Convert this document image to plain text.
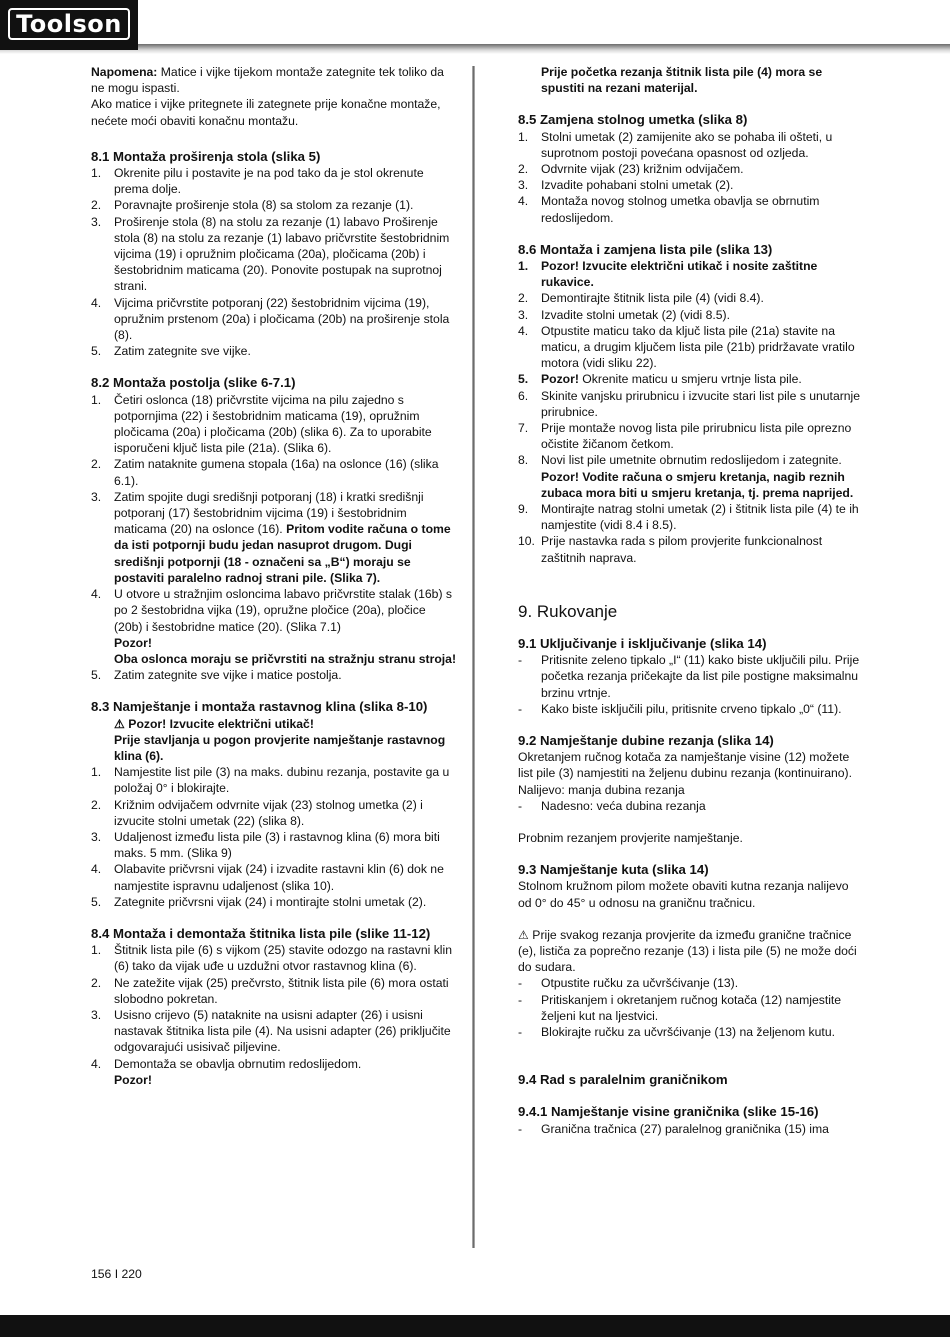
Toolson

Napomena: Matice i vijke tijekom montaže zategnite tek toliko da ne mogu ispasti.

Ako matice i vijke pritegnete ili zategnete prije konačne montaže, nećete moći obaviti konačnu montažu.

8.1 Montaža proširenja stola (slika 5)
1. Okrenite pilu i postavite je na pod tako da je stol okrenute prema dolje.
2. Poravnajte proširenje stola (8) sa stolom za rezanje (1).
3. Proširenje stola (8) na stolu za rezanje (1) labavo Proširenje stola (8) na stolu za rezanje (1) labavo pričvrstite šestobridnim vijcima (19) i opružnim pločicama (20a), pločicama (20b) i šestobridnim maticama (20). Ponovite postupak na suprotnoj strani.
4. Vijcima pričvrstite potporanj (22) šestobridnim vijcima (19), opružnim prstenom (20a) i pločicama (20b) na proširenje stola (8).
5. Zatim zategnite sve vijke.
8.2 Montaža postolja (slike 6-7.1)
1. Četiri oslonca (18) pričvrstite vijcima na pilu zajedno s potpornjima (22) i šestobridnim maticama (19), opružnim pločicama (20a) i pločicama (20b) (slika 6). Za to uporabite isporučeni ključ lista pile (21a). (Slika 6).
2. Zatim nataknite gumena stopala (16a) na oslonce (16) (slika 6.1).
3. Zatim spojite dugi središnji potporanj (18) i kratki središnji potporanj (17) šestobridnim vijcima (19) i šestobridnim maticama (20) na oslonce (16). Pritom vodite računa o tome da isti potpornji budu jedan nasuprot drugom. Dugi središnji potpornji (18 - označeni sa „B“) moraju se postaviti paralelno radnoj strani pile. (Slika 7).
4. U otvore u stražnjim osloncima labavo pričvrstite stalak (16b) s po 2 šestobridna vijka (19), opružne pločice (20a), pločice (20b) i šestobridne matice (20). (Slika 7.1)
Pozor!
Oba oslonca moraju se pričvrstiti na stražnju stranu stroja!
5. Zatim zategnite sve vijke i matice postolja.
8.3 Namještanje i montaža rastavnog klina (slika 8-10)
⚠ Pozor! Izvucite električni utikač!
Prije stavljanja u pogon provjerite namještanje rastavnog klina (6).
1. Namjestite list pile (3) na maks. dubinu rezanja, postavite ga u položaj 0° i blokirajte.
2. Križnim odvijačem odvrnite vijak (23) stolnog umetka (2) i izvucite stolni umetak (22) (slika 8).
3. Udaljenost između lista pile (3) i rastavnog klina (6) mora biti maks. 5 mm. (Slika 9)
4. Olabavite pričvrsni vijak (24) i izvadite rastavni klin (6) dok ne namjestite ispravnu udaljenost (slika 10).
5. Zategnite pričvrsni vijak (24) i montirajte stolni umetak (2).
8.4 Montaža i demontaža štitnika lista pile (slike 11-12)
1. Štitnik lista pile (6) s vijkom (25) stavite odozgo na rastavni klin (6) tako da vijak uđe u uzdužni otvor rastavnog klina (6).
2. Ne zatežite vijak (25) prečvrsto, štitnik lista pile (6) mora ostati slobodno pokretan.
3. Usisno crijevo (5) nataknite na usisni adapter (26) i usisni nastavak štitnika lista pile (4). Na usisni adapter (26) priključite odgovarajući usisivač piljevine.
4. Demontaža se obavlja obrnutim redoslijedom.
Pozor!
Prije početka rezanja štitnik lista pile (4) mora se spustiti na rezani materijal.
8.5 Zamjena stolnog umetka (slika 8)
1. Stolni umetak (2) zamijenite ako se pohaba ili ošteti, u suprotnom postoji povećana opasnost od ozljeda.
2. Odvrnite vijak (23) križnim odvijačem.
3. Izvadite pohabani stolni umetak (2).
4. Montaža novog stolnog umetka obavlja se obrnutim redoslijedom.
8.6 Montaža i zamjena lista pile (slika 13)
1. Pozor! Izvucite električni utikač i nosite zaštitne rukavice.
2. Demontirajte štitnik lista pile (4) (vidi 8.4).
3. Izvadite stolni umetak (2) (vidi 8.5).
4. Otpustite maticu tako da ključ lista pile (21a) stavite na maticu, a drugim ključem lista pile (21b) pridržavate vratilo motora (vidi sliku 22).
5. Pozor! Okrenite maticu u smjeru vrtnje lista pile.
6. Skinite vanjsku prirubnicu i izvucite stari list pile s unutarnje prirubnice.
7. Prije montaže novog lista pile prirubnicu lista pile oprezno očistite žičanom četkom.
8. Novi list pile umetnite obrnutim redoslijedom i zategnite.
Pozor! Vodite računa o smjeru kretanja, nagib reznih zubaca mora biti u smjeru kretanja, tj. prema naprijed.
9. Montirajte natrag stolni umetak (2) i štitnik lista pile (4) te ih namjestite (vidi 8.4 i 8.5).
10. Prije nastavka rada s pilom provjerite funkcionalnost zaštitnih naprava.
9. Rukovanje
9.1 Uključivanje i isključivanje (slika 14)
- Pritisnite zeleno tipkalo „I“ (11) kako biste uključili pilu. Prije početka rezanja pričekajte da list pile postigne maksimalnu brzinu vrtnje.
- Kako biste isključili pilu, pritisnite crveno tipkalo „0“ (11).
9.2 Namještanje dubine rezanja (slika 14)

Okretanjem ručnog kotača za namještanje visine (12) možete list pile (3) namjestiti na željenu dubinu rezanja (kontinuirano).

Nalijevo: manja dubina rezanja

- Nadesno: veća dubina rezanja

Probnim rezanjem provjerite namještanje.

9.3 Namještanje kuta (slika 14)

Stolnom kružnom pilom možete obaviti kutna rezanja nalijevo od 0° do 45° u odnosu na graničnu tračnicu.

⚠ Prije svakog rezanja provjerite da između granične tračnice (e), lističa za poprečno rezanje (13) i lista pile (5) ne može doći do sudara.

- Otpustite ručku za učvršćivanje (13).
- Pritiskanjem i okretanjem ručnog kotača (12) namjestite željeni kut na ljestvici.
- Blokirajte ručku za učvršćivanje (13) na željenom kutu.
9.4 Rad s paralelnim graničnikom
9.4.1 Namještanje visine graničnika (slike 15-16)
- Granična tračnica (27) paralelnog graničnika (15) ima
156 I 220
